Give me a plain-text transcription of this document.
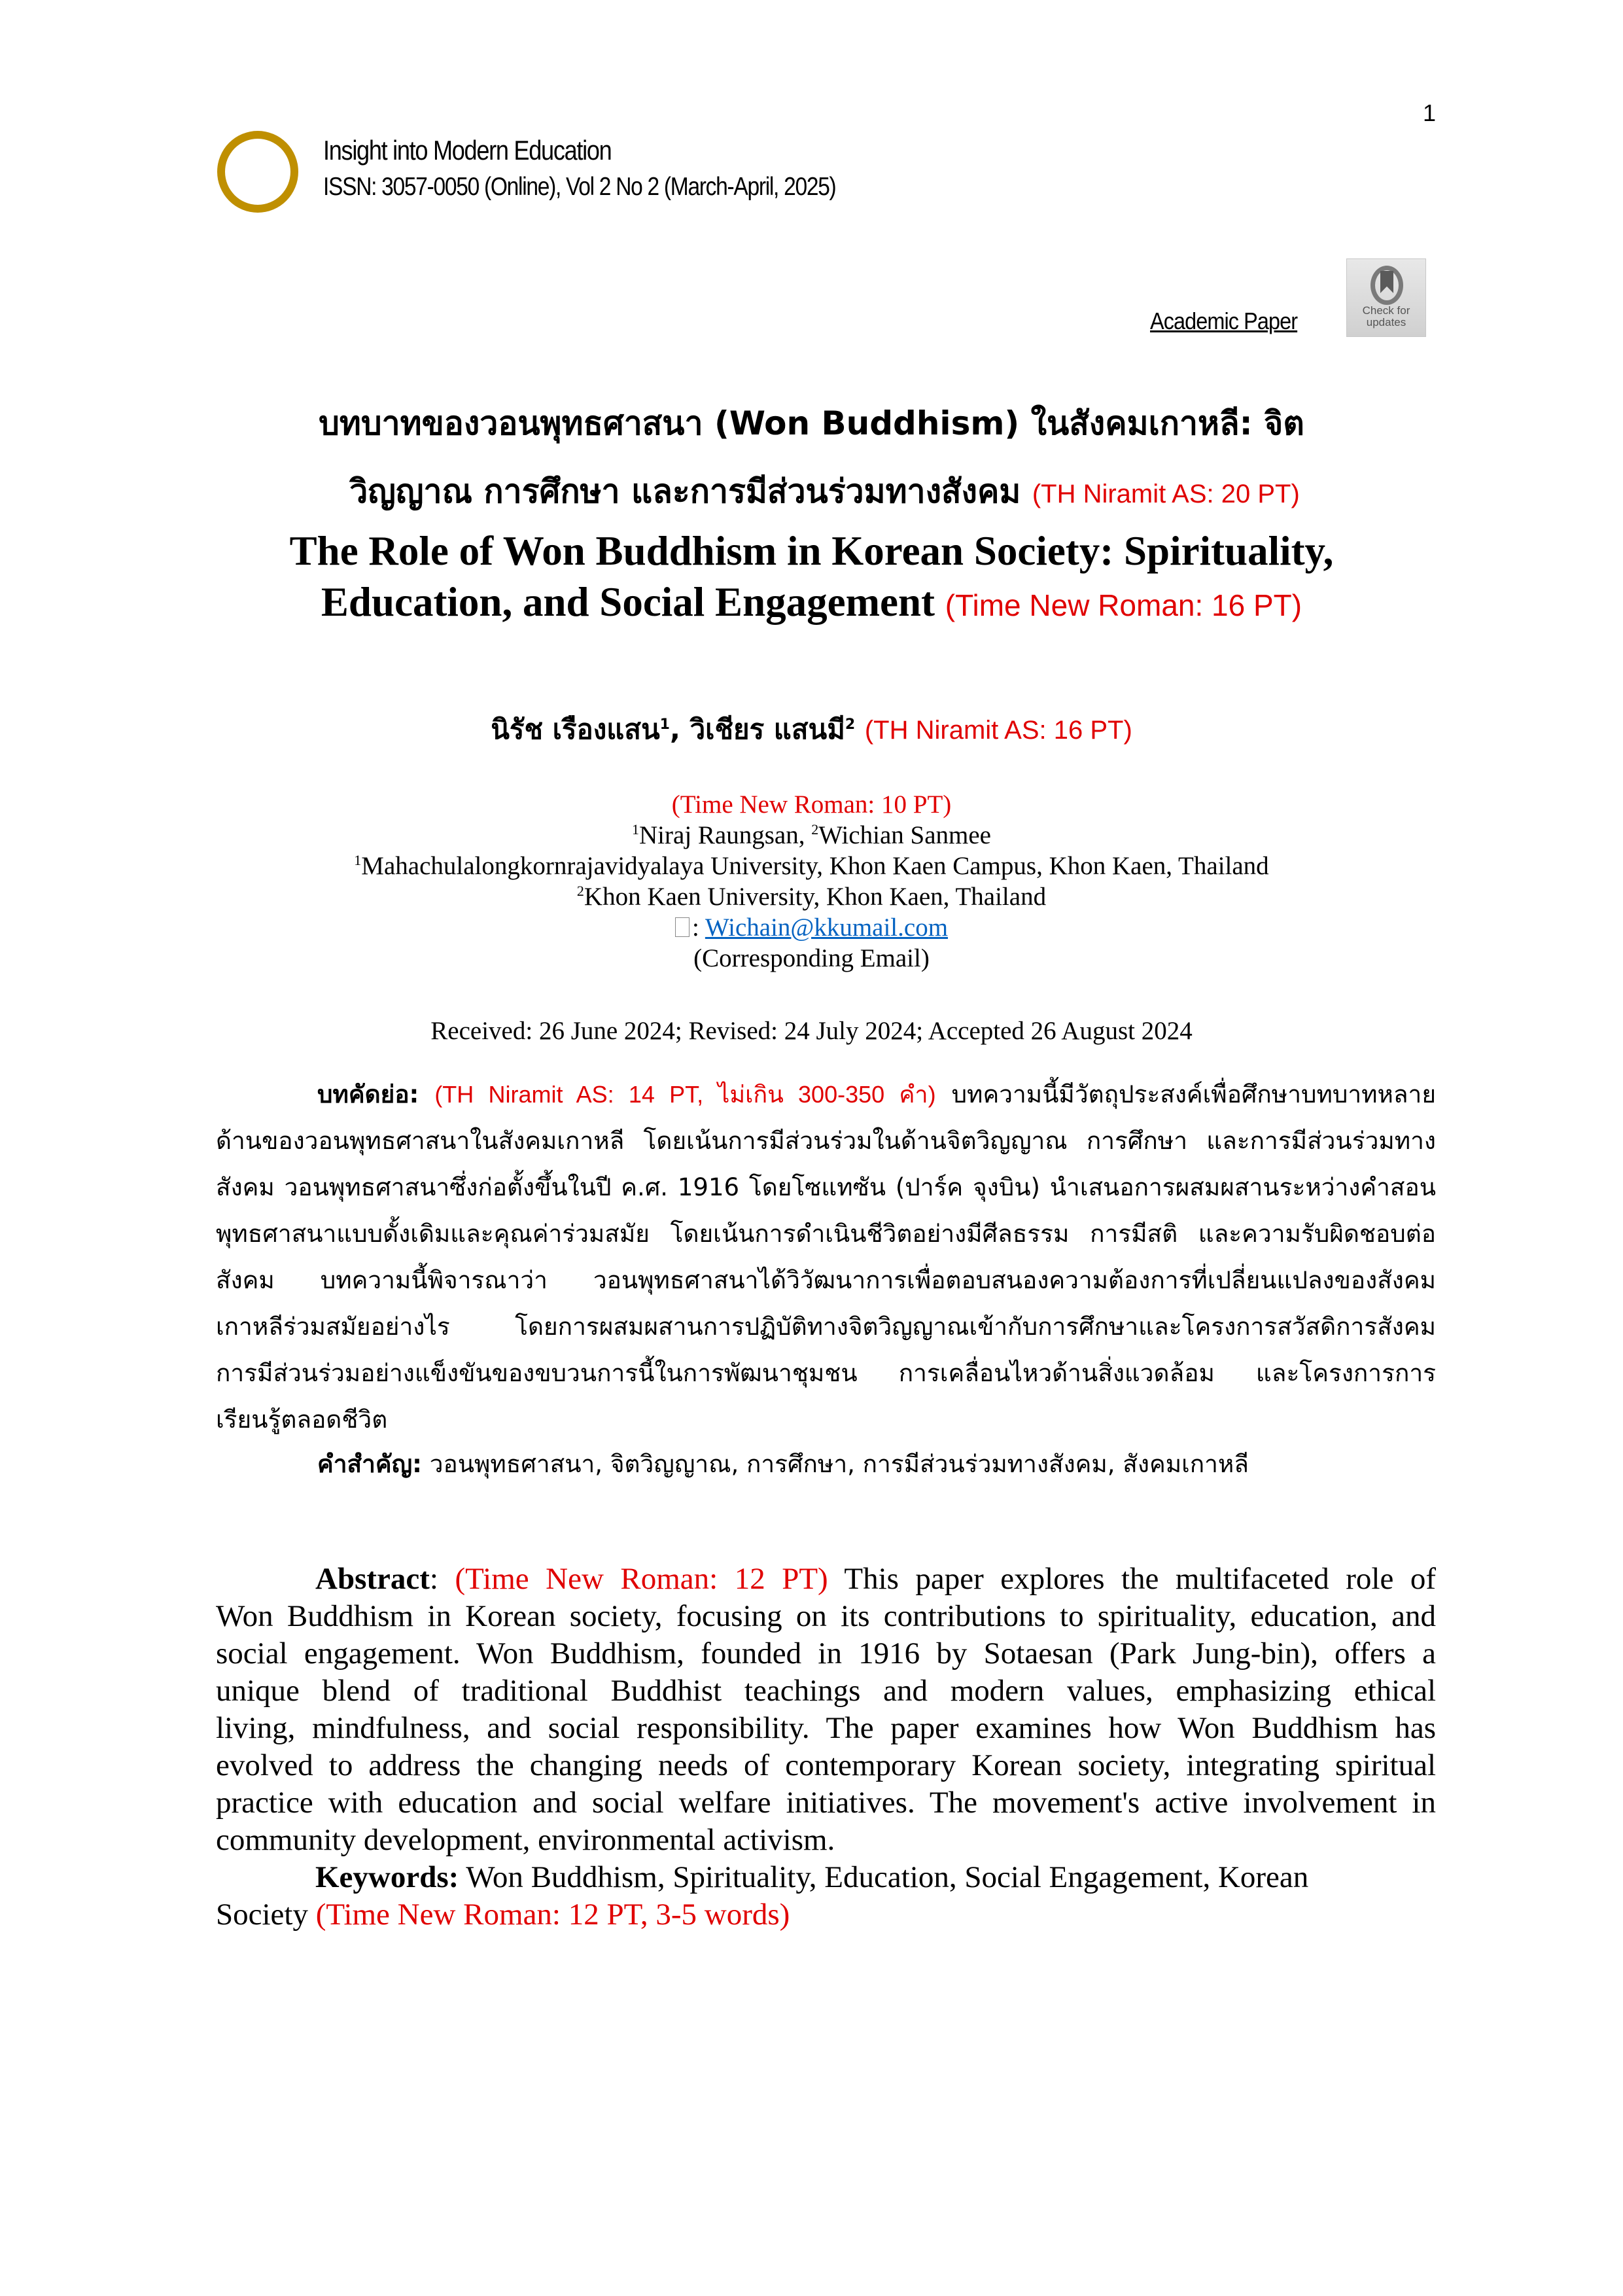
1
Insight into Modern Education
ISSN: 3057-0050 (Online), Vol 2 No 2 (March-April, 2025)
Academic Paper	Check for updates
บทบาทของวอนพุทธศาสนา (Won Buddhism) ในสังคมเกาหลี: จิต
วิญญาณ การศึกษา และการมีส่วนร่วมทางสังคม (TH Niramit AS: 20 PT)
The Role of Won Buddhism in Korean Society: Spirituality,
Education, and Social Engagement (Time New Roman: 16 PT)
นิรัช เรืองแสน$^1$, วิเชียร แสนมี$^2$ (TH Niramit AS: 16 PT)
(Time New Roman: 10 PT)
$^1$Niraj Raungsan, $^2$Wichian Sanmee
$^1$Mahachulalongkornrajavidyalaya University, Khon Kaen Campus, Khon Kaen, Thailand
$^2$Khon Kaen University, Khon Kaen, Thailand
: Wichain@kkumail.com
(Corresponding Email)
Received: 26 June 2024; Revised: 24 July 2024; Accepted 26 August 2024
บทคัดย่อ: (TH Niramit AS: 14 PT, ไม่เกิน 300-350 คำ) บทความนี้มีวัตถุประสงค์เพื่อศึกษาบทบาทหลาย
ด้านของวอนพุทธศาสนาในสังคมเกาหลี โดยเน้นการมีส่วนร่วมในด้านจิตวิญญาณ การศึกษา และการมีส่วนร่วมทาง
สังคม วอนพุทธศาสนาซึ่งก่อตั้งขึ้นในปี ค.ศ. 1916 โดยโซแทซัน (ปาร์ค จุงบิน) นำเสนอการผสมผสานระหว่างคำสอน
พุทธศาสนาแบบดั้งเดิมและคุณค่าร่วมสมัย โดยเน้นการดำเนินชีวิตอย่างมีศีลธรรม การมีสติ และความรับผิดชอบต่อ
สังคม บทความนี้พิจารณาว่า วอนพุทธศาสนาได้วิวัฒนาการเพื่อตอบสนองความต้องการที่เปลี่ยนแปลงของสังคม
เกาหลีร่วมสมัยอย่างไร โดยการผสมผสานการปฏิบัติทางจิตวิญญาณเข้ากับการศึกษาและโครงการสวัสดิการสังคม
การมีส่วนร่วมอย่างแข็งขันของขบวนการนี้ในการพัฒนาชุมชน การเคลื่อนไหวด้านสิ่งแวดล้อม และโครงการการ
เรียนรู้ตลอดชีวิต
คำสำคัญ: วอนพุทธศาสนา, จิตวิญญาณ, การศึกษา, การมีส่วนร่วมทางสังคม, สังคมเกาหลี
Abstract: (Time New Roman: 12 PT) This paper explores the multifaceted role of
Won Buddhism in Korean society, focusing on its contributions to spirituality, education, and
social engagement. Won Buddhism, founded in 1916 by Sotaesan (Park Jung-bin), offers a
unique blend of traditional Buddhist teachings and modern values, emphasizing ethical
living, mindfulness, and social responsibility. The paper examines how Won Buddhism has
evolved to address the changing needs of contemporary Korean society, integrating spiritual
practice with education and social welfare initiatives. The movement's active involvement in
community development, environmental activism.
Keywords: Won Buddhism, Spirituality, Education, Social Engagement, Korean
Society (Time New Roman: 12 PT, 3-5 words)
